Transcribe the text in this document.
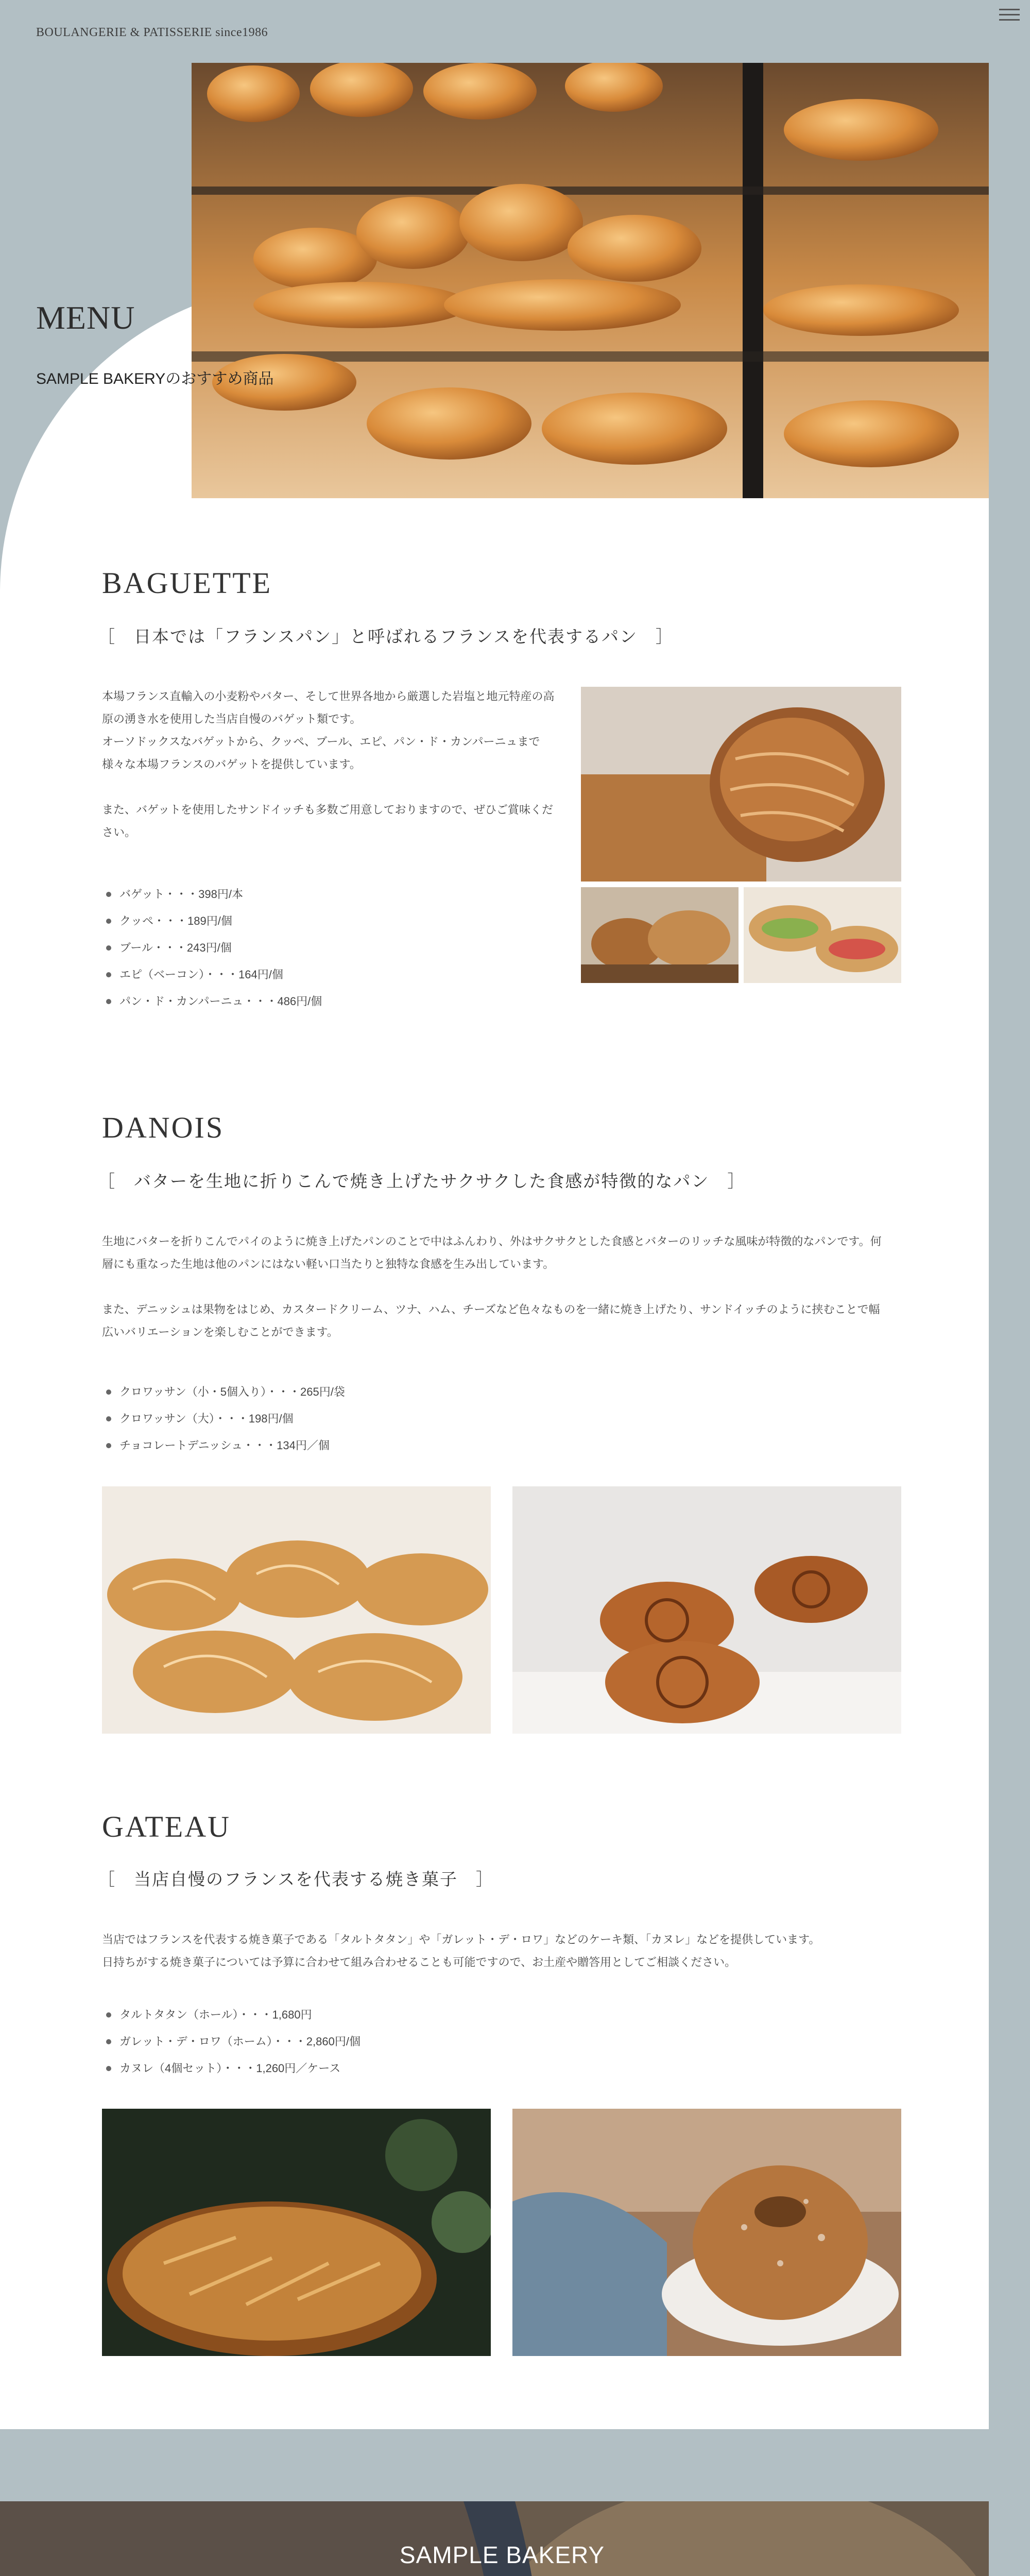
BOULANGERIE & PATISSERIE since1986
MENU
SAMPLE BAKERYのおすすめ商品
BAGUETTE
［　日本では「フランスパン」と呼ばれるフランスを代表するパン　］
本場フランス直輸入の小麦粉やバター、そして世界各地から厳選した岩塩と地元特産の高
原の湧き水を使用した当店自慢のバゲット類です。
オーソドックスなバゲットから、クッペ、ブール、エピ、パン・ド・カンパーニュまで
様々な本場フランスのバゲットを提供しています。
また、バゲットを使用したサンドイッチも多数ご用意しておりますので、ぜひご賞味くだ
さい。
バゲット・・・398円/本
クッペ・・・189円/個
ブール・・・243円/個
エピ（ベーコン）・・・164円/個
パン・ド・カンパーニュ・・・486円/個
DANOIS
［　バターを生地に折りこんで焼き上げたサクサクした食感が特徴的なパン　］
生地にバターを折りこんでパイのように焼き上げたパンのことで中はふんわり、外はサクサクとした食感とバターのリッチな風味が特徴的なパンです。何
層にも重なった生地は他のパンにはない軽い口当たりと独特な食感を生み出しています。
また、デニッシュは果物をはじめ、カスタードクリーム、ツナ、ハム、チーズなど色々なものを一緒に焼き上げたり、サンドイッチのように挟むことで幅
広いバリエーションを楽しむことができます。
クロワッサン（小・5個入り）・・・265円/袋
クロワッサン（大）・・・198円/個
チョコレートデニッシュ・・・134円／個
GATEAU
［　当店自慢のフランスを代表する焼き菓子　］
当店ではフランスを代表する焼き菓子である「タルトタタン」や「ガレット・デ・ロワ」などのケーキ類、「カヌレ」などを提供しています。
日持ちがする焼き菓子については予算に合わせて組み合わせることも可能ですので、お土産や贈答用としてご相談ください。
タルトタタン（ホール）・・・1,680円
ガレット・デ・ロワ（ホーム）・・・2,860円/個
カヌレ（4個セット）・・・1,260円／ケース
SAMPLE BAKERY
